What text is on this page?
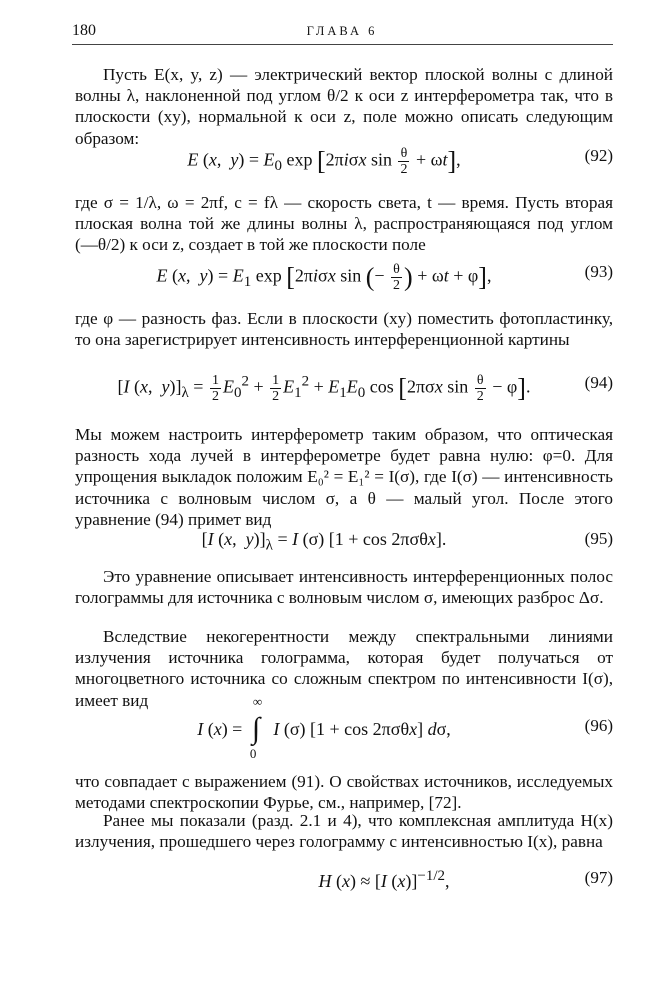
180	ГЛАВА 6
Пусть E(x, y, z) — электрический вектор плоской волны с длиной волны λ, наклоненной под углом θ/2 к оси z интерферометра так, что в плоскости (xy), нормальной к оси z, поле можно описать следующим образом:
E (x,  $y) = E_0$ exp [2πiσx $\sin \frac{\theta}{2} + \omega t$],	(92)
где σ = 1/λ, ω = 2πf, c = fλ — скорость света, t — время. Пусть вторая плоская волна той же длины волны λ, распространяющаяся под углом (—θ/2) к оси z, создает в той же плоскости поле
E (x,  $y) = E_1$ exp [2πiσx sin (− $\frac{\theta}{2}$ ) + ωt + φ],	(93)
где φ — разность фаз. Если в плоскости (xy) поместить фотопластинку, то она зарегистрирует интенсивность интерференционной картины
[I (x,  $y)]_\lambda = \frac{1}{2} E_0^2 + \frac{1}{2} E_1^2 + E_1E_0$ cos [2πσx $\sin \frac{\theta}{2} - \varphi$].	(94)
Мы можем настроить интерферометр таким образом, что оптическая разность хода лучей в интерферометре будет равна нулю: φ=0. Для упрощения выкладок положим E₀² = E₁² = I(σ), где I(σ) — интенсивность источника с волновым числом σ, а θ — малый угол. После этого уравнение (94) примет вид
[I (x,  $y)]_\lambda = I$ (σ) [1 + cos 2πσθx].	(95)
Это уравнение описывает интенсивность интерференционных полос голограммы для источника с волновым числом σ, имеющих разброс Δσ.
Вследствие некогерентности между спектральными линиями излучения источника голограмма, которая будет получаться от многоцветного источника со сложным спектром по интенсивности I(σ), имеет вид
I (x) =
∞
∫
0
I (σ) [1 + cos 2πσθx] dσ,	(96)
что совпадает с выражением (91). О свойствах источников, исследуемых методами спектроскопии Фурье, см., например, [72].
Ранее мы показали (разд. 2.1 и 4), что комплексная амплитуда H(x) излучения, прошедшего через голограмму с интенсивностью I(x), равна
H (x) ≈ [I (x)]$^{-1/2}$,	(97)
